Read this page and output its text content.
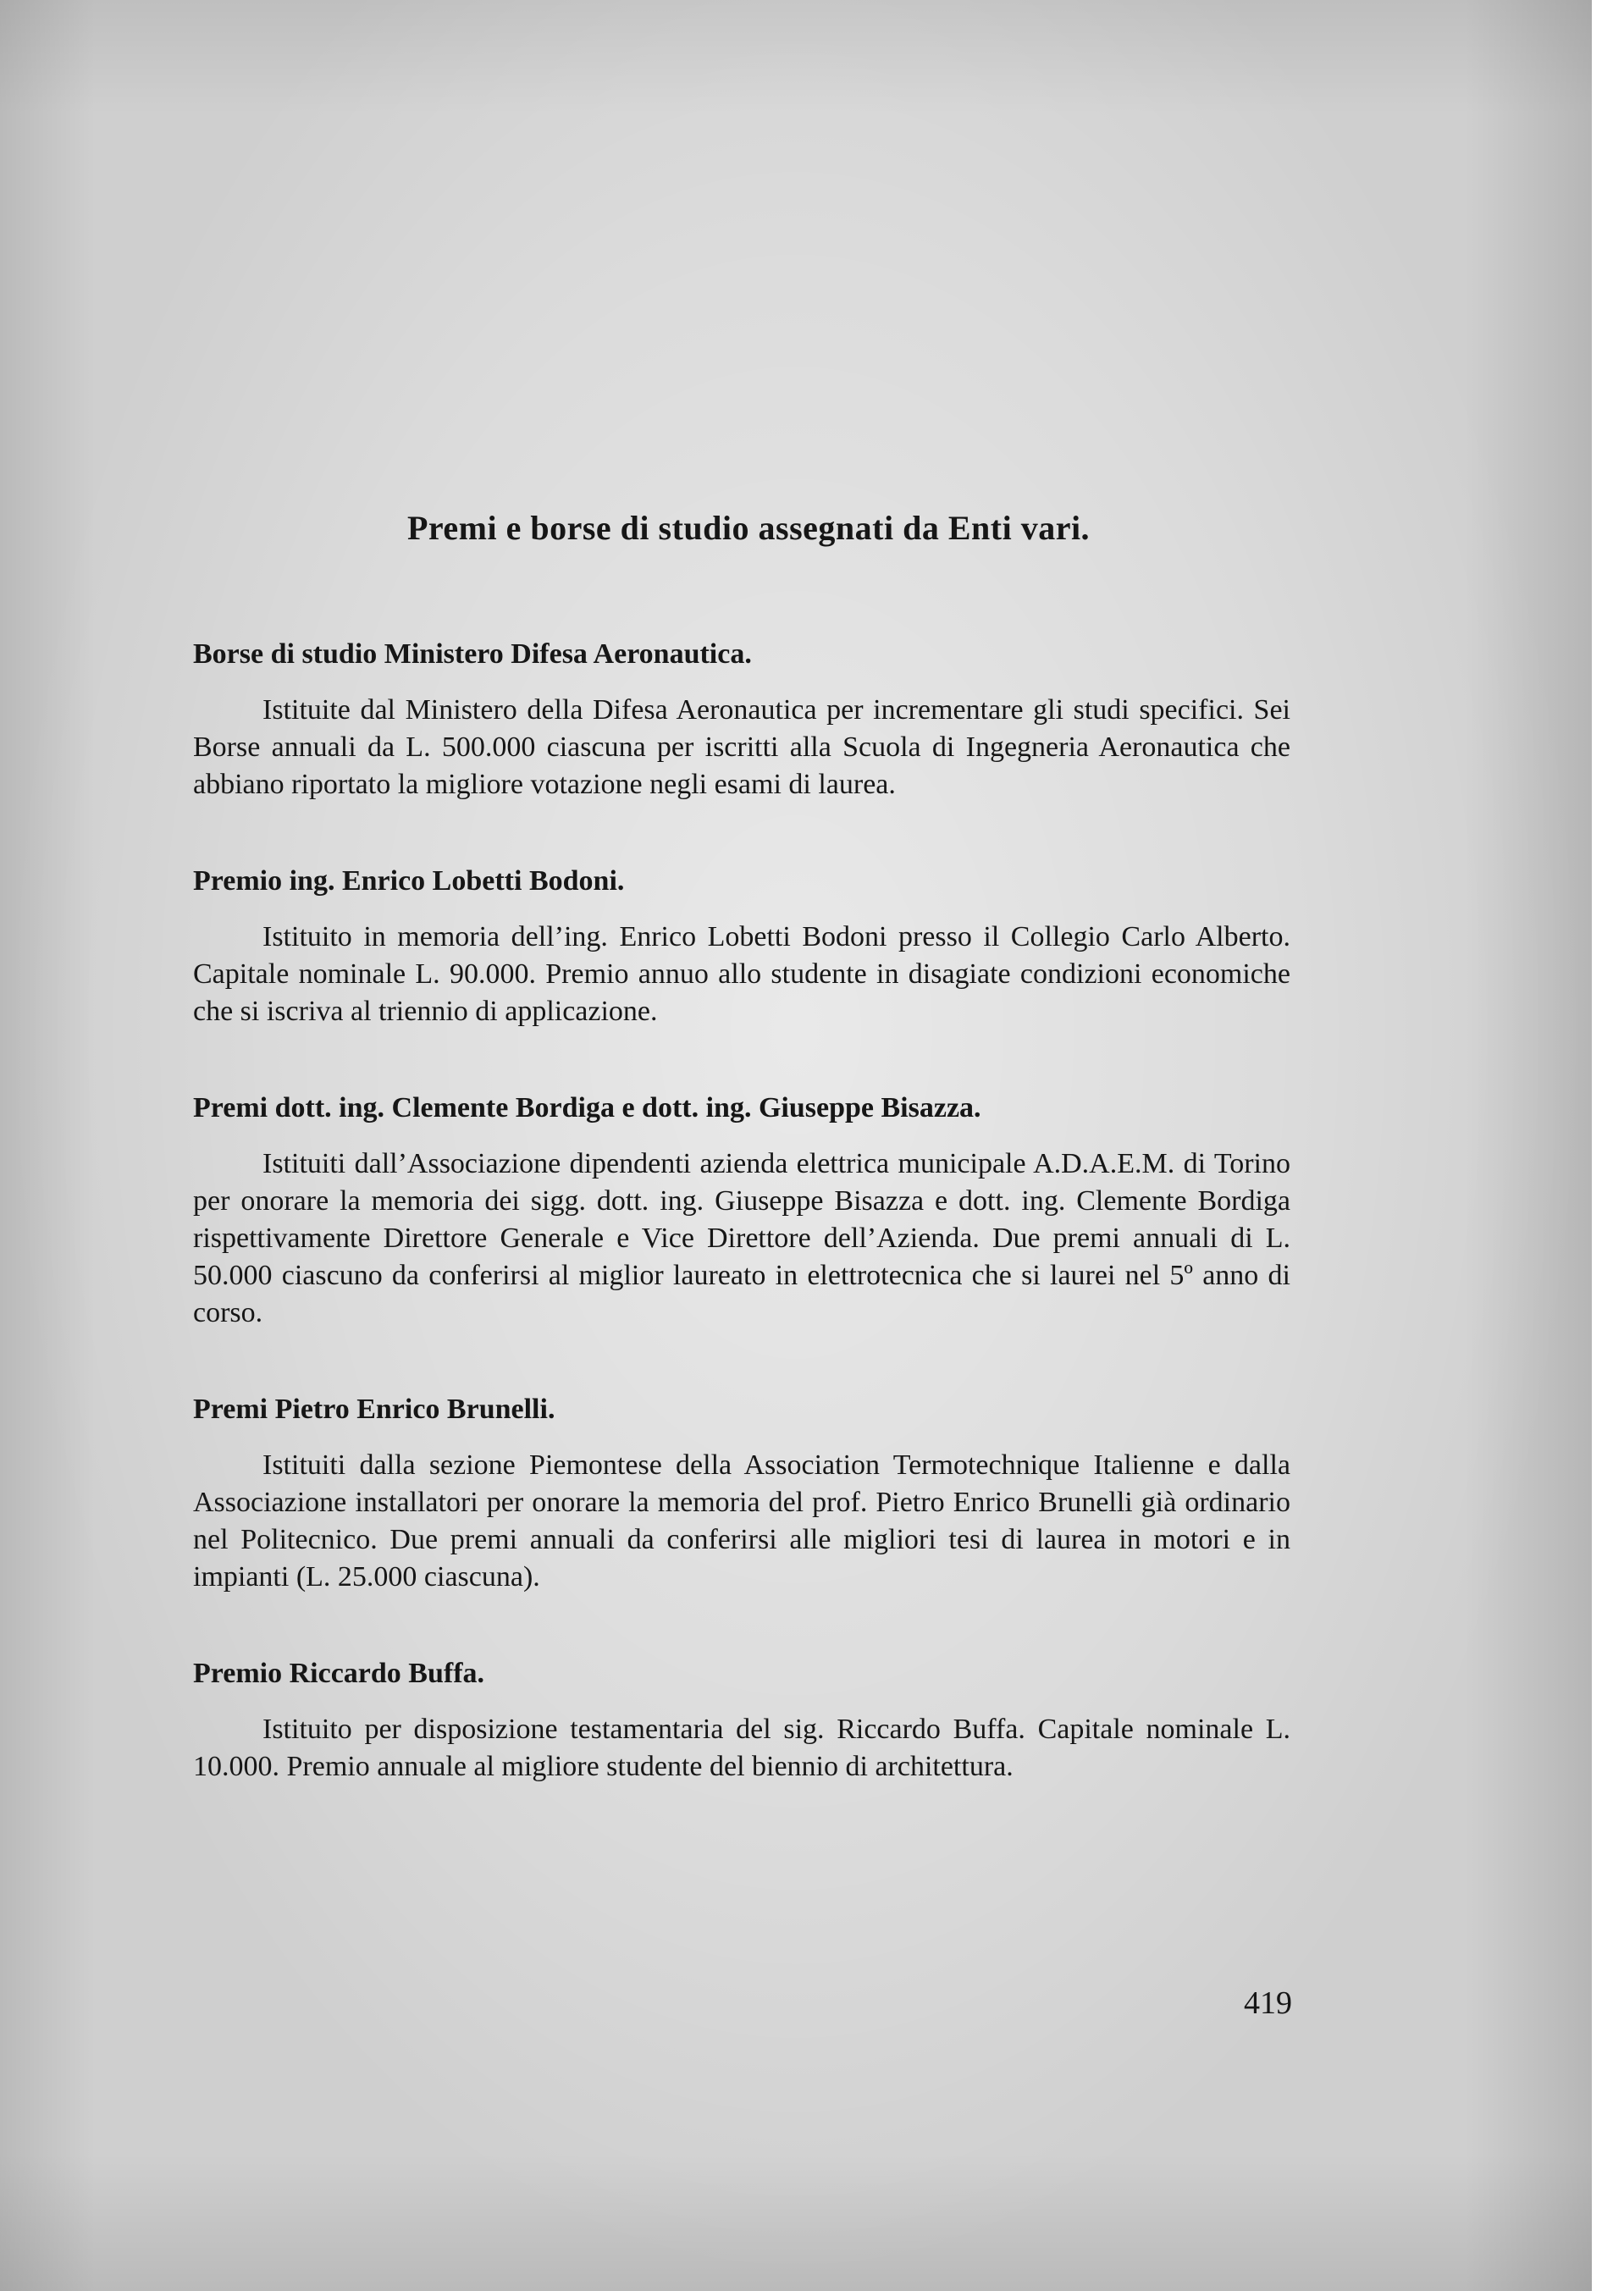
Premi e borse di studio assegnati da Enti vari.
Borse di studio Ministero Difesa Aeronautica.

Istituite dal Ministero della Difesa Aeronautica per incrementare gli studi specifici. Sei Borse annuali da L. 500.000 ciascuna per iscritti alla Scuola di Ingegneria Aeronautica che abbiano riportato la migliore votazione negli esami di laurea.

Premio ing. Enrico Lobetti Bodoni.

Istituito in memoria dell’ing. Enrico Lobetti Bodoni presso il Collegio Carlo Alberto. Capitale nominale L. 90.000. Premio annuo allo studente in disagiate condizioni economiche che si iscriva al triennio di applicazione.

Premi dott. ing. Clemente Bordiga e dott. ing. Giuseppe Bisazza.

Istituiti dall’Associazione dipendenti azienda elettrica municipale A.D.A.E.M. di Torino per onorare la memoria dei sigg. dott. ing. Giuseppe Bisazza e dott. ing. Clemente Bordiga rispettivamente Direttore Generale e Vice Direttore dell’Azienda. Due premi annuali di L. 50.000 ciascuno da conferirsi al miglior laureato in elettrotecnica che si laurei nel 5º anno di corso.

Premi Pietro Enrico Brunelli.

Istituiti dalla sezione Piemontese della Association Termotechnique Italienne e dalla Associazione installatori per onorare la memoria del prof. Pietro Enrico Brunelli già ordinario nel Politecnico. Due premi annuali da conferirsi alle migliori tesi di laurea in motori e in impianti (L. 25.000 ciascuna).

Premio Riccardo Buffa.

Istituito per disposizione testamentaria del sig. Riccardo Buffa. Capitale nominale L. 10.000. Premio annuale al migliore studente del biennio di architettura.

419
